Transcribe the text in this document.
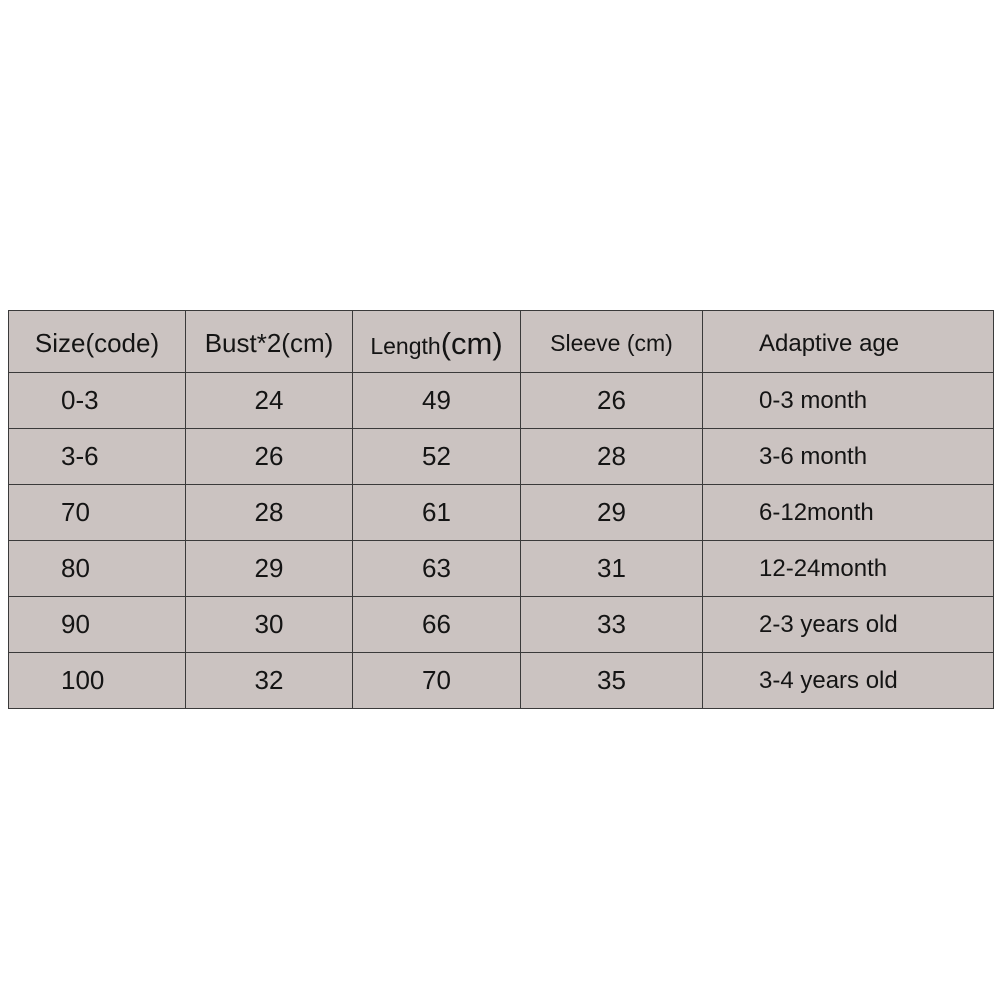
Size(code)	Bust*2(cm)	Length(cm)	Sleeve (cm)	Adaptive age
0-3	24	49	26	0-3 month
3-6	26	52	28	3-6 month
70	28	61	29	6-12month
80	29	63	31	12-24month
90	30	66	33	2-3 years old
100	32	70	35	3-4 years old
